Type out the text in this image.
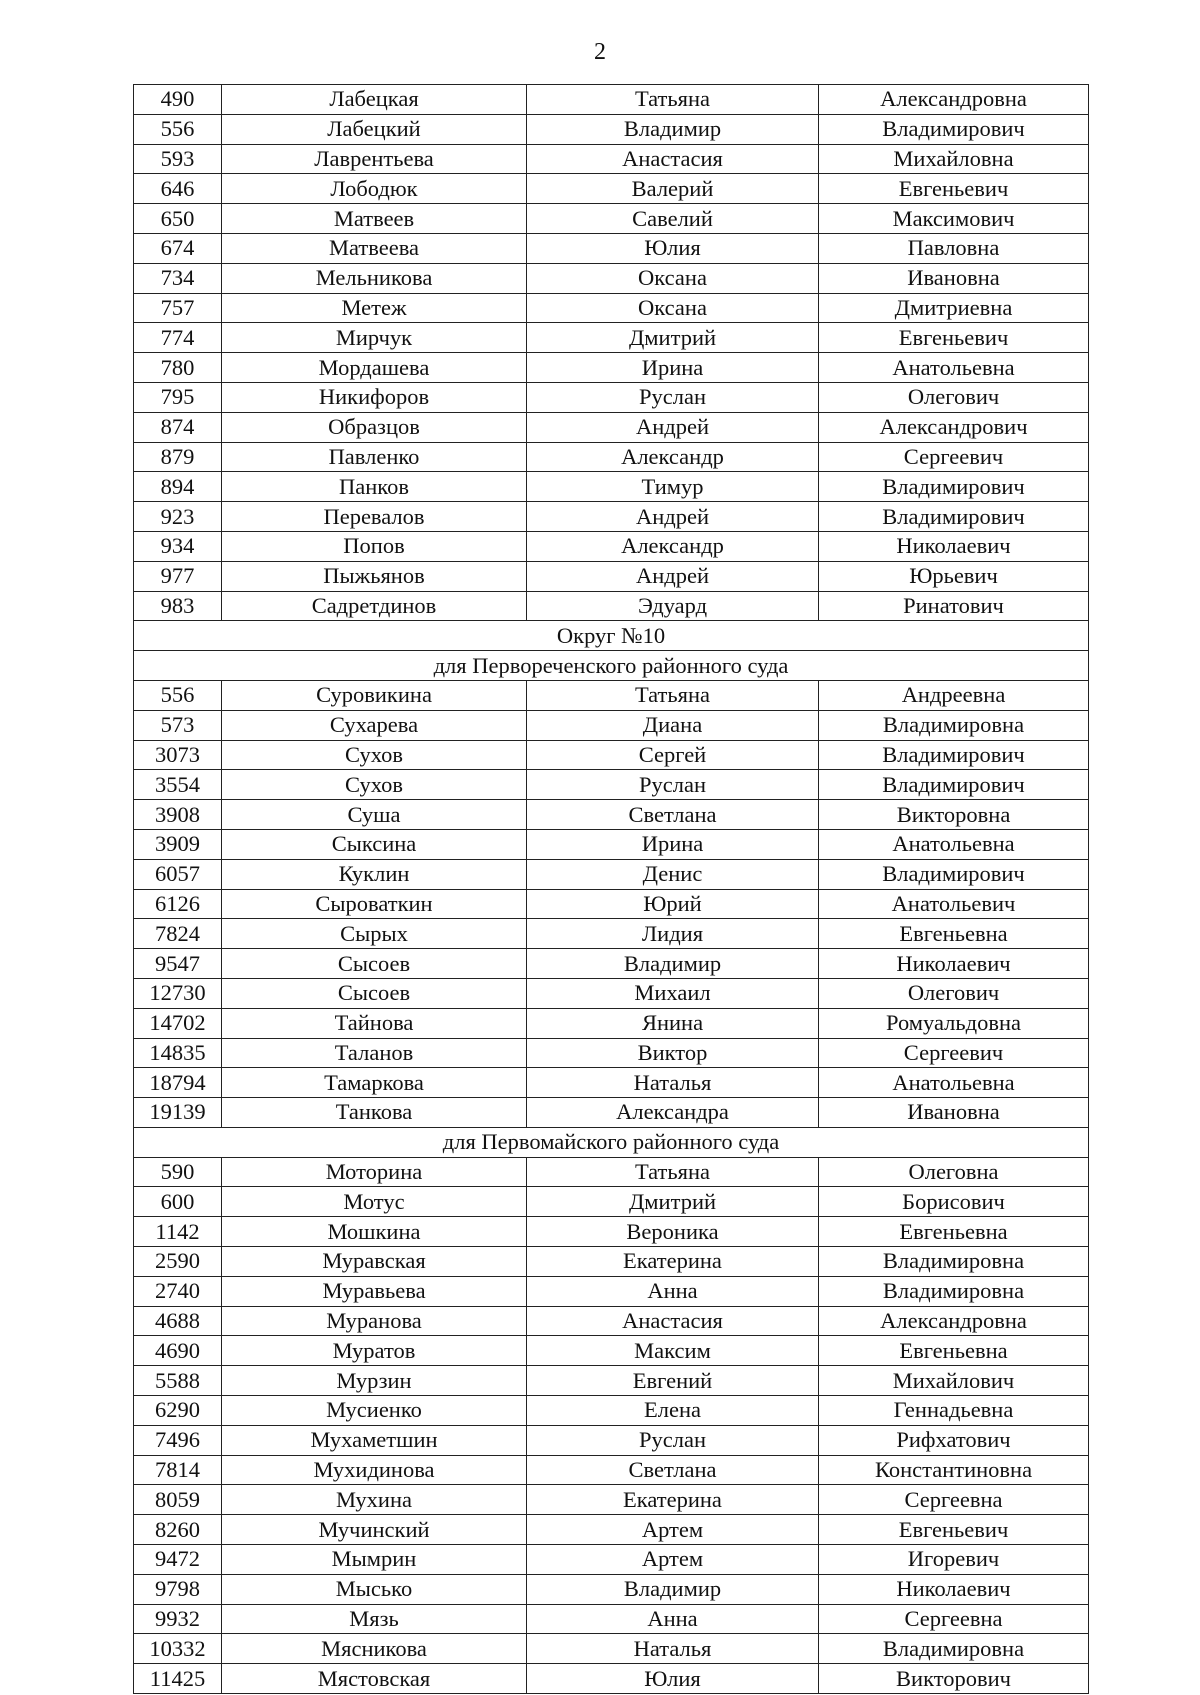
2
490	Лабецкая	Татьяна	Александровна
556	Лабецкий	Владимир	Владимирович
593	Лаврентьева	Анастасия	Михайловна
646	Лободюк	Валерий	Евгеньевич
650	Матвеев	Савелий	Максимович
674	Матвеева	Юлия	Павловна
734	Мельникова	Оксана	Ивановна
757	Метеж	Оксана	Дмитриевна
774	Мирчук	Дмитрий	Евгеньевич
780	Мордашева	Ирина	Анатольевна
795	Никифоров	Руслан	Олегович
874	Образцов	Андрей	Александрович
879	Павленко	Александр	Сергеевич
894	Панков	Тимур	Владимирович
923	Перевалов	Андрей	Владимирович
934	Попов	Александр	Николаевич
977	Пыжьянов	Андрей	Юрьевич
983	Садретдинов	Эдуард	Ринатович
Округ №10			
для Первореченского районного суда			
556	Суровикина	Татьяна	Андреевна
573	Сухарева	Диана	Владимировна
3073	Сухов	Сергей	Владимирович
3554	Сухов	Руслан	Владимирович
3908	Суша	Светлана	Викторовна
3909	Сыксина	Ирина	Анатольевна
6057	Куклин	Денис	Владимирович
6126	Сыроваткин	Юрий	Анатольевич
7824	Сырых	Лидия	Евгеньевна
9547	Сысоев	Владимир	Николаевич
12730	Сысоев	Михаил	Олегович
14702	Тайнова	Янина	Ромуальдовна
14835	Таланов	Виктор	Сергеевич
18794	Тамаркова	Наталья	Анатольевна
19139	Танкова	Александра	Ивановна
для Первомайского районного суда			
590	Моторина	Татьяна	Олеговна
600	Мотус	Дмитрий	Борисович
1142	Мошкина	Вероника	Евгеньевна
2590	Муравская	Екатерина	Владимировна
2740	Муравьева	Анна	Владимировна
4688	Муранова	Анастасия	Александровна
4690	Муратов	Максим	Евгеньевна
5588	Мурзин	Евгений	Михайлович
6290	Мусиенко	Елена	Геннадьевна
7496	Мухаметшин	Руслан	Рифхатович
7814	Мухидинова	Светлана	Константиновна
8059	Мухина	Екатерина	Сергеевна
8260	Мучинский	Артем	Евгеньевич
9472	Мымрин	Артем	Игоревич
9798	Мысько	Владимир	Николаевич
9932	Мязь	Анна	Сергеевна
10332	Мясникова	Наталья	Владимировна
11425	Мястовская	Юлия	Викторович
